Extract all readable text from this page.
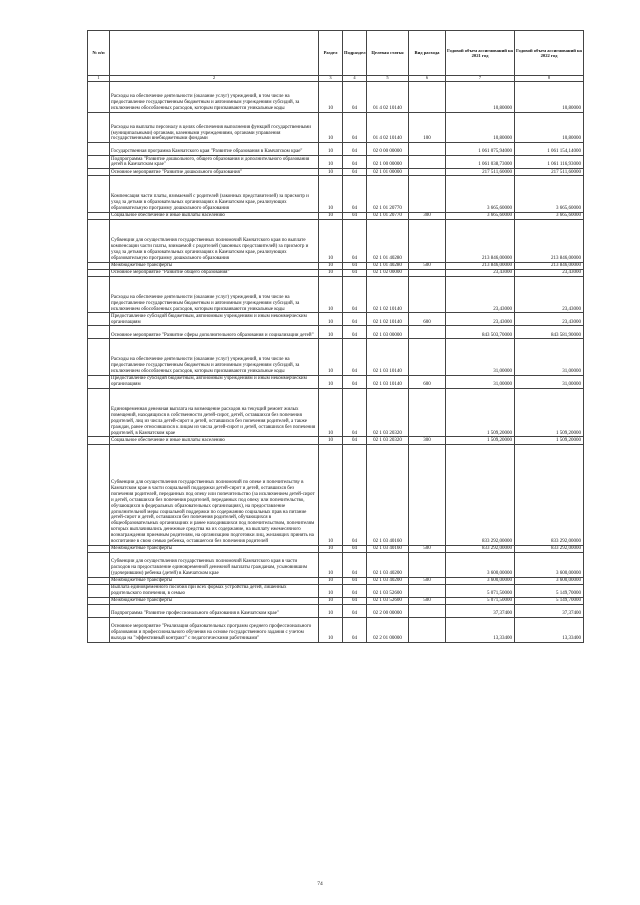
№ п/п		Раздел	Подраздел	Целевая статья	Вид расхода	Годовой объем ассигнований на 2021 год	Годовой объем ассигнований на 2022 год
1	2	3	4	5	6	7	8
	Расходы на обеспечение деятельности (оказание услуг) учреждений, в том числе на предоставление государственным бюджетным и автономным учреждениям субсидий, за исключением обособленных расходов, которым присваиваются уникальные коды	10	04	01 4 02 10140		10,80000	10,80000
	Расходы на выплаты персоналу в целях обеспечения выполнения функций государственными (муниципальными) органами, казенными учреждениями, органами управления государственными внебюджетными фондами	10	04	01 4 02 10140	100	10,80000	10,80000
	Государственная программа Камчатского края "Развитие образования в Камчатском крае"	10	04	02 0 00 00000		1 061 075,94000	1 061 154,14000
	Подпрограмма "Развитие дошкольного, общего образования и дополнительного образования детей в Камчатском крае"	10	04	02 1 00 00000		1 061 038,73000	1 061 116,93000
	Основное мероприятие "Развитие дошкольного образования"	10	04	02 1 01 00000		217 511,60000	217 511,60000
	Компенсация части платы, взимаемой с родителей (законных представителей) за присмотр и уход за детьми в образовательных организациях в Камчатском крае, реализующих образовательную программу дошкольного образования	10	04	02 1 01 20770		3 665,60000	3 665,60000
	Социальное обеспечение и иные выплаты населению	10	04	02 1 01 20770	300	3 665,60000	3 665,60000
	Субвенции для осуществления государственных полномочий Камчатского края по выплате компенсации части платы, взимаемой с родителей (законных представителей) за присмотр и уход за детьми в образовательных организациях в Камчатском крае, реализующих образовательную программу дошкольного образования	10	04	02 1 01 40280		213 846,00000	213 846,00000
	Межбюджетные трансферты	10	04	02 1 01 40280	500	213 846,00000	213 846,00000
	Основное мероприятие "Развитие общего образования"	10	04	02 1 02 00000		23,43000	23,43000
	Расходы на обеспечение деятельности (оказание услуг) учреждений, в том числе на предоставление государственным бюджетным и автономным учреждениям субсидий, за исключением обособленных расходов, которым присваиваются уникальные коды	10	04	02 1 02 10140		23,43000	23,43000
	Предоставление субсидий бюджетным, автономным учреждениям и иным некоммерческим организациям	10	04	02 1 02 10140	600	23,43000	23,43000
	Основное мероприятие "Развитие сферы дополнительного образования и социализации детей"	10	04	02 1 03 00000		843 503,70000	843 581,90000
	Расходы на обеспечение деятельности (оказание услуг) учреждений, в том числе на предоставление государственным бюджетным и автономным учреждениям субсидий, за исключением обособленных расходов, которым присваиваются уникальные коды	10	04	02 1 03 10140		31,00000	31,00000
	Предоставление субсидий бюджетным, автономным учреждениям и иным некоммерческим организациям	10	04	02 1 03 10140	600	31,00000	31,00000
	Единовременная денежная выплата на возмещение расходов на текущий ремонт жилых помещений, находящихся в собственности детей-сирот, детей, оставшихся без попечения родителей, лиц из числа детей-сирот и детей, оставшихся без попечения родителей, а также граждан, ранее относившихся к лицам из числа детей-сирот и детей, оставшихся без попечения родителей, в Камчатском крае	10	04	02 1 03 20320		1 509,20000	1 509,20000
	Социальное обеспечение и иные выплаты населению	10	04	02 1 03 20320	300	1 509,20000	1 509,20000
	Субвенции для осуществления государственных полномочий по опеке и попечительству в Камчатском крае в части социальной поддержки детей-сирот и детей, оставшихся без попечения родителей, переданных под опеку или попечительство (за исключением детей-сирот и детей, оставшихся без попечения родителей, переданных под опеку или попечительство, обучающихся в федеральных образовательных организациях), на предоставление дополнительной меры социальной поддержки по содержанию социальных прав на питание детей-сирот и детей, оставшихся без попечения родителей, обучающихся в общеобразовательных организациях и ранее находившихся под попечительством, попечителям которых выплачивались денежные средства на их содержание, на выплату ежемесячного вознаграждения приемным родителям, на организацию подготовки лиц, желающих принять на воспитание в свою семью ребенка, оставшегося без попечения родителей	10	04	02 1 03 40160		833 292,00000	833 292,00000
	Межбюджетные трансферты	10	04	02 1 03 40160	500	833 292,00000	833 292,00000
	Субвенции для осуществления государственных полномочий Камчатского края в части расходов на предоставление единовременной денежной выплаты гражданам, усыновившим (удочерившим) ребенка (детей) в Камчатском крае	10	04	02 1 03 40200		3 600,00000	3 600,00000
	Межбюджетные трансферты	10	04	02 1 03 40200	500	3 600,00000	3 600,00000
	Выплата единовременного пособия при всех формах устройства детей, лишенных родительского попечения, в семью	10	04	02 1 03 52600		5 071,50000	5 149,70000
	Межбюджетные трансферты	10	04	02 1 03 52600	500	5 071,50000	5 149,70000
	Подпрограмма "Развитие профессионального образования в Камчатском крае"	10	04	02 2 00 00000		37,37400	37,37400
	Основное мероприятие "Реализация образовательных программ среднего профессионального образования и профессионального обучения на основе государственного задания с учетом выхода на "эффективный контракт" с педагогическими работниками"	10	04	02 2 01 00000		13,33400	13,33400
74
